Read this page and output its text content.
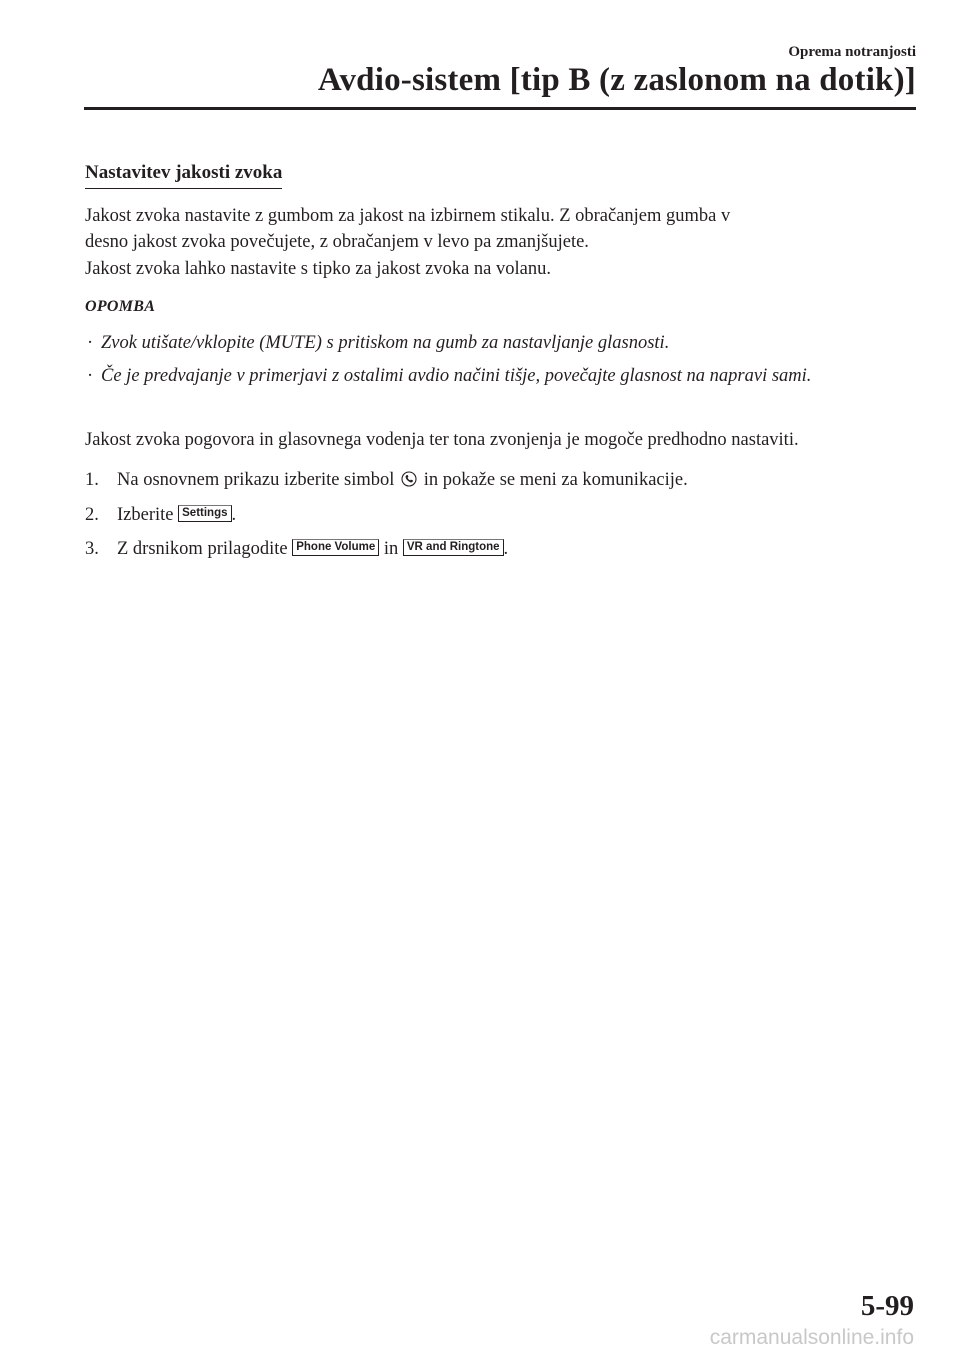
Oprema notranjosti
Avdio-sistem [tip B (z zaslonom na dotik)]
Nastavitev jakosti zvoka

Jakost zvoka nastavite z gumbom za jakost na izbirnem stikalu. Z obračanjem gumba v
desno jakost zvoka povečujete, z obračanjem v levo pa zmanjšujete.
Jakost zvoka lahko nastavite s tipko za jakost zvoka na volanu.

OPOMBA
· Zvok utišate/vklopite (MUTE) s pritiskom na gumb za nastavljanje glasnosti.
· Če je predvajanje v primerjavi z ostalimi avdio načini tišje, povečajte glasnost na napravi sami.

Jakost zvoka pogovora in glasovnega vodenja ter tona zvonjenja je mogoče predhodno nastaviti.

1. Na osnovnem prikazu izberite simbol in pokaže se meni za komunikacije.
2. Izberite Settings .
3. Z drsnikom prilagodite Phone Volume in VR and Ringtone .
5-99
carmanualsonline.info
